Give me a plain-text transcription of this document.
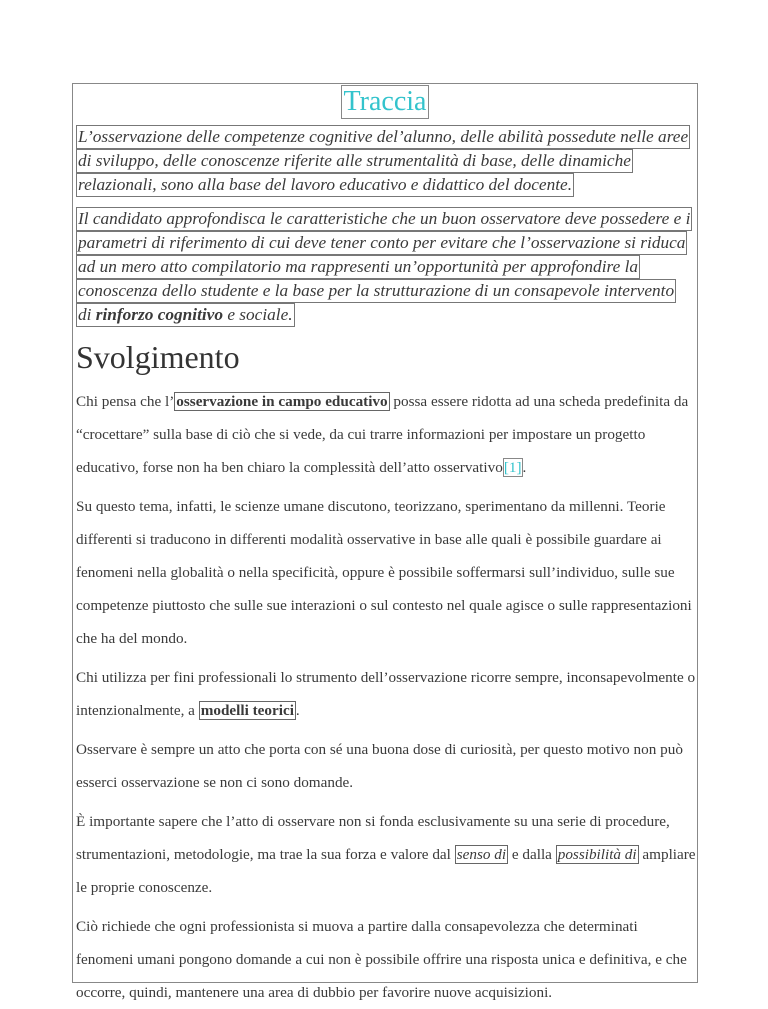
Traccia

L’osservazione delle competenze cognitive del’alunno, delle abilità possedute nelle aree
di sviluppo, delle conoscenze riferite alle strumentalità di base, delle dinamiche
relazionali, sono alla base del lavoro educativo e didattico del docente.

Il candidato approfondisca le caratteristiche che un buon osservatore deve possedere e i
parametri di riferimento di cui deve tener conto per evitare che l’osservazione si riduca
ad un mero atto compilatorio ma rappresenti un’opportunità per approfondire la
conoscenza dello studente e la base per la strutturazione di un consapevole intervento
di rinforzo cognitivo e sociale.

Svolgimento

Chi pensa che l’ osservazione in campo educativo possa essere ridotta ad una scheda predefinita da “crocettare” sulla base di ciò che si vede, da cui trarre informazioni per impostare un progetto educativo, forse non ha ben chiaro la complessità dell’atto osservativo[1].

Su questo tema, infatti, le scienze umane discutono, teorizzano, sperimentano da millenni. Teorie differenti si traducono in differenti modalità osservative in base alle quali è possibile guardare ai fenomeni nella globalità o nella specificità, oppure è possibile soffermarsi sull’individuo, sulle sue competenze piuttosto che sulle sue interazioni o sul contesto nel quale agisce o sulle rappresentazioni che ha del mondo.

Chi utilizza per fini professionali lo strumento dell’osservazione ricorre sempre, inconsapevolmente o intenzionalmente, a modelli teorici .

Osservare è sempre un atto che porta con sé una buona dose di curiosità, per questo motivo non può esserci osservazione se non ci sono domande.

È importante sapere che l’atto di osservare non si fonda esclusivamente su una serie di procedure, strumentazioni, metodologie, ma trae la sua forza e valore dal senso di e dalla possibilità di ampliare le proprie conoscenze.

Ciò richiede che ogni professionista si muova a partire dalla consapevolezza che determinati fenomeni umani pongono domande a cui non è possibile offrire una risposta unica e definitiva, e che occorre, quindi, mantenere una area di dubbio per favorire nuove acquisizioni.
